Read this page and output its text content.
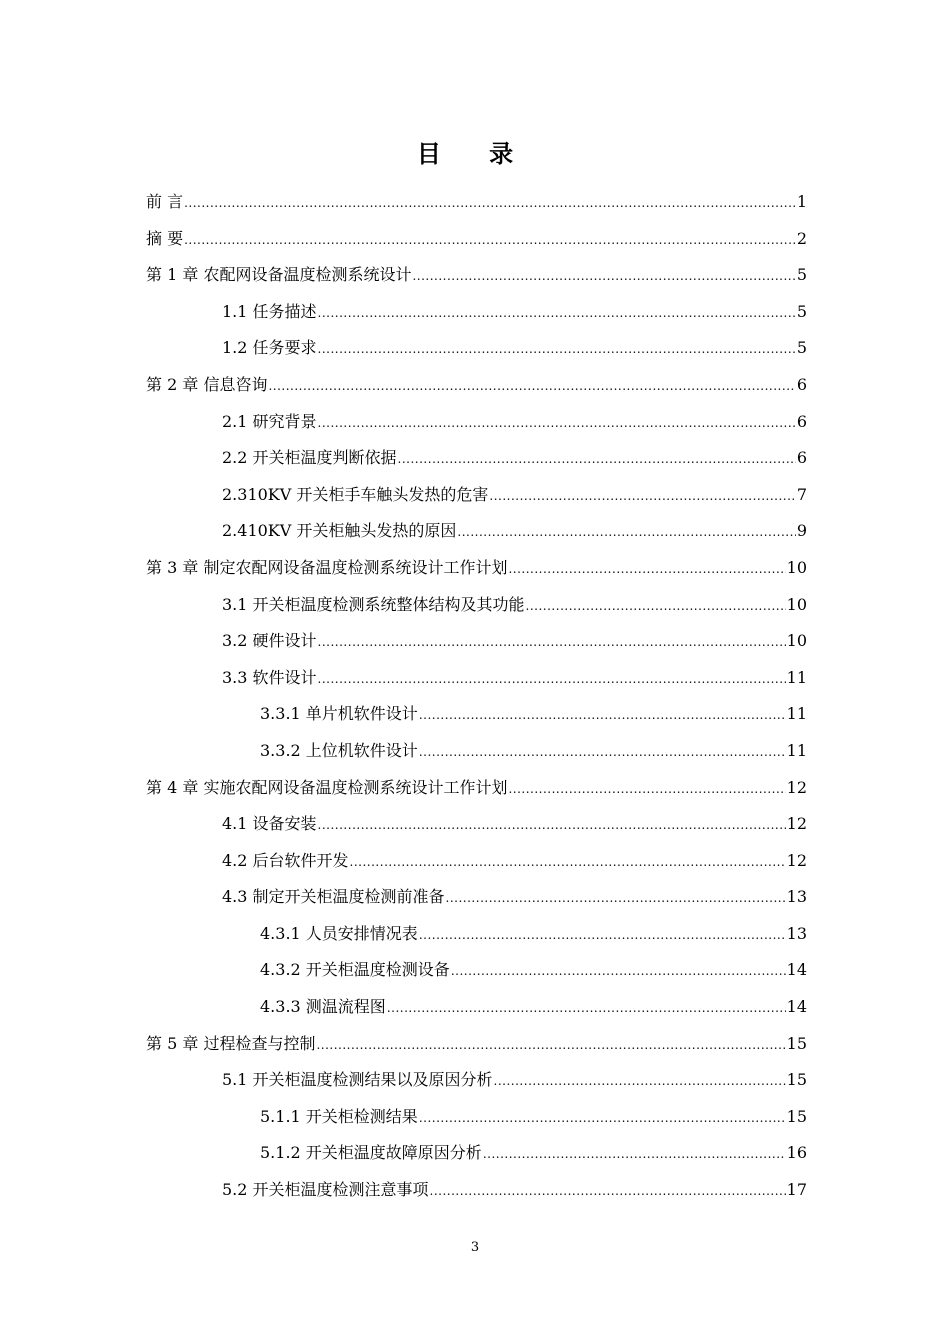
目 录
前 言 .....	1
摘 要 .....	2
第 1 章 农配网设备温度检测系统设计 .....	5
1.1 任务描述 .....	5
1.2 任务要求 .....	5
第 2 章 信息咨询 .....	6
2.1 研究背景 .....	6
2.2 开关柜温度判断依据 .....	6
2.310KV 开关柜手车触头发热的危害 .....	7
2.410KV 开关柜触头发热的原因 .....	9
第 3 章 制定农配网设备温度检测系统设计工作计划 .....	10
3.1 开关柜温度检测系统整体结构及其功能 .....	10
3.2 硬件设计 .....	10
3.3 软件设计 .....	11
3.3.1 单片机软件设计 .....	11
3.3.2 上位机软件设计 .....	11
第 4 章 实施农配网设备温度检测系统设计工作计划 .....	12
4.1 设备安装 .....	12
4.2 后台软件开发 .....	12
4.3 制定开关柜温度检测前准备 .....	13
4.3.1 人员安排情况表 .....	13
4.3.2 开关柜温度检测设备 .....	14
4.3.3 测温流程图 .....	14
第 5 章 过程检查与控制 .....	15
5.1 开关柜温度检测结果以及原因分析 .....	15
5.1.1 开关柜检测结果 .....	15
5.1.2 开关柜温度故障原因分析 .....	16
5.2 开关柜温度检测注意事项 .....	17
3
